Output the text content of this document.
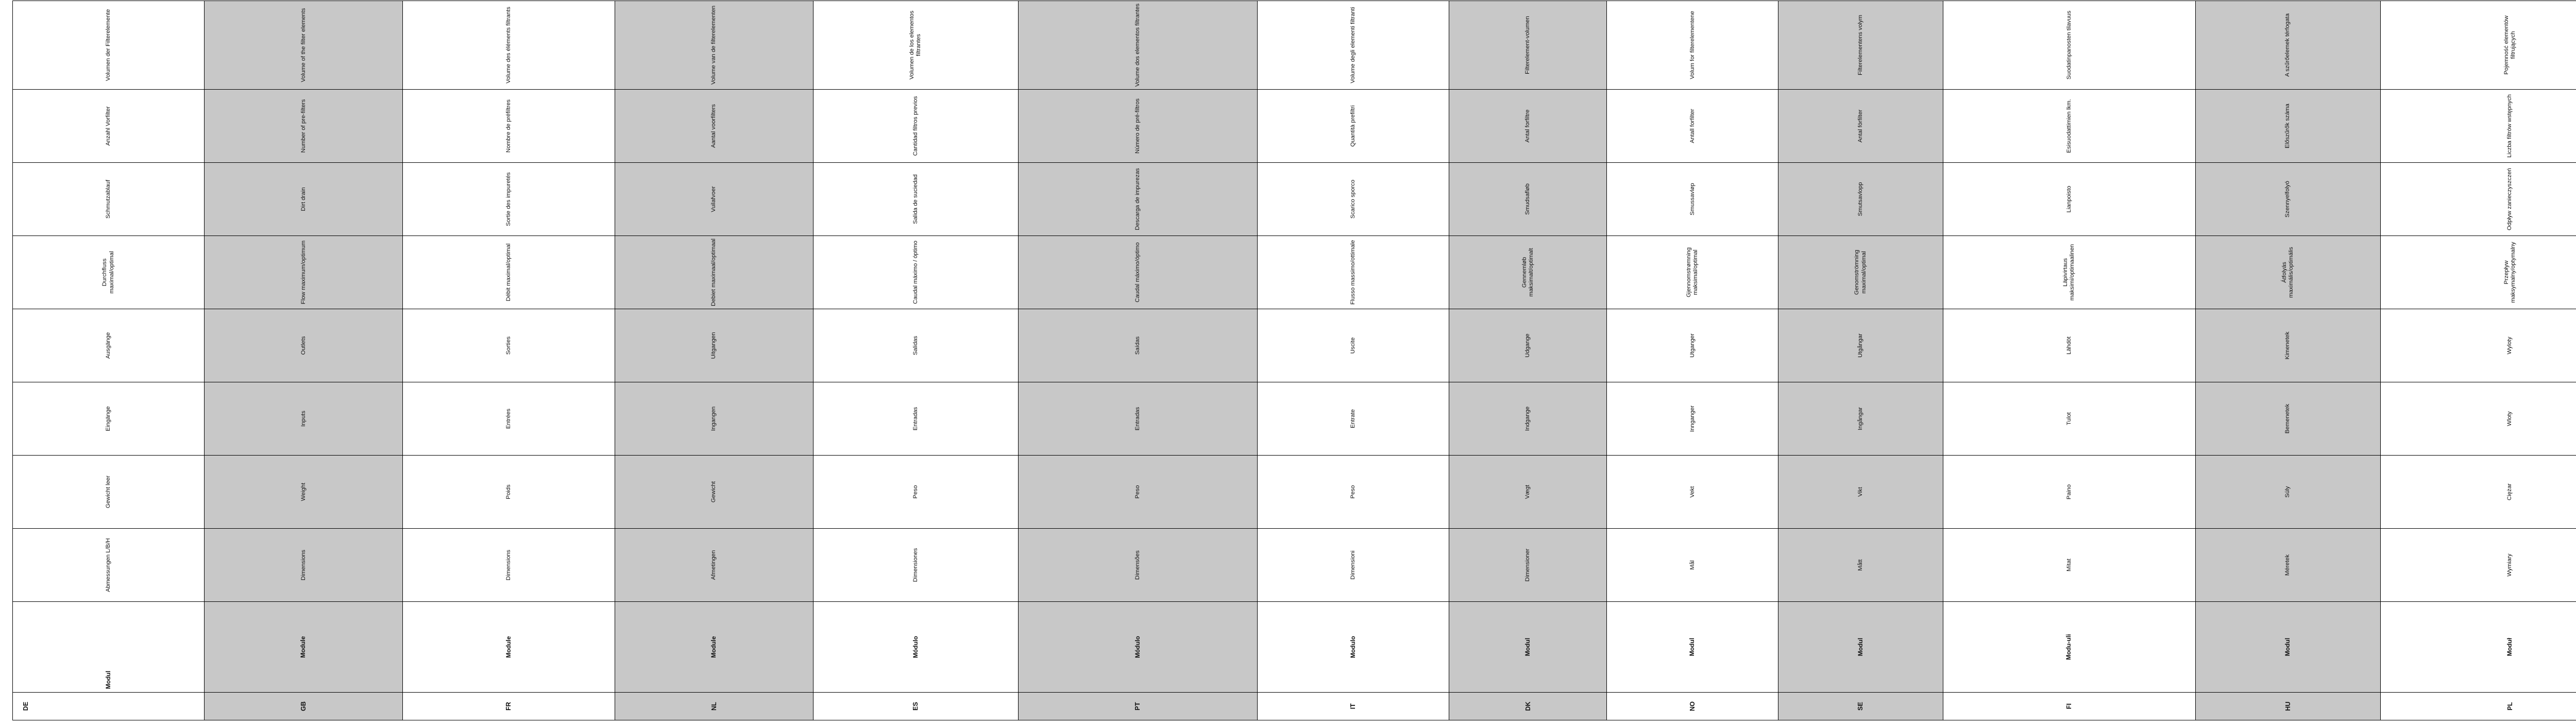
DE	Modul		Abmessungen L/B/H	Gewicht leer	Eingänge	Ausgänge	Durchfluss maximal/optimal	Schmutzablauf	Anzahl Vorfilter	Volumen der Filterelemente	
GB	Module		Dimensions	Weight	Inputs	Outlets	Flow maximum/optimum	Dirt drain	Number of pre-filters	Volume of the filter elements	
FR	Module		Dimensions	Poids	Entrées	Sorties	Débit maximal/optimal	Sortie des impuretés	Nombre de préfiltres	Volume des éléments filtrants	
NL	Module		Afmetingen	Gewicht	Ingangen	Uitgangen	Debiet maximaal/optimaal	Vuilafvoer	Aantal voorfilters	Volume van de filterelementen	
ES	Módulo		Dimensiones	Peso	Entradas	Salidas	Caudal máximo / óptimo	Salida de suciedad	Cantidad filtros previos	Volumen de los elementos filtrantes	
PT	Módulo		Dimensões	Peso	Entradas	Saídas	Caudal máximo/óptimo	Descarga de impurezas	Número de pré-filtros	Volume dos elementos filtrantes	
IT	Modulo		Dimensioni	Peso	Entrate	Uscite	Flusso massimo/ottimale	Scarico sporco	Quantità prefiltri	Volume degli elementi filtranti	
DK	Modul		Dimensioner	Vægt	Indgange	Udgange	Gennemløb maksimalt/optimalt	Smudsafløb	Antal forfiltre	Filterelement-volumen	
NO	Modul		Mål	Vekt	Innganger	Utganger	Gjennomstrømning maksimal/optimal	Smussavløp	Antall forfilter	Volum for filterelementene	
SE	Modul		Mått	Vikt	Ingångar	Utgångar	Genomströmning maximal/optimal	Smutsavlopp	Antal förfilter	Filterelementens volym	
FI	Modu-uli		Mitat	Paino	Tulot	Lähdöt	Läpivirtaus maksimi/optimaalinen	Lianpoisto	Esisuodattimien lkm.	Suodatinpanosten tilavuus	
HU	Modul		Méretek	Súly	Bemenetek	Kimenetek	Átfolyás maximális/optimális	Szennyelfolyó	Előszűrők száma	A szűrőelemek térfogata	
PL	Moduł		Wymiary	Ciężar	Wloty	Wyloty	Przepływ maksymalny/optymalny	Odpływ zanieczyszczeń	Liczba filtrów wstępnych	Pojemność elementów filtrujących	
